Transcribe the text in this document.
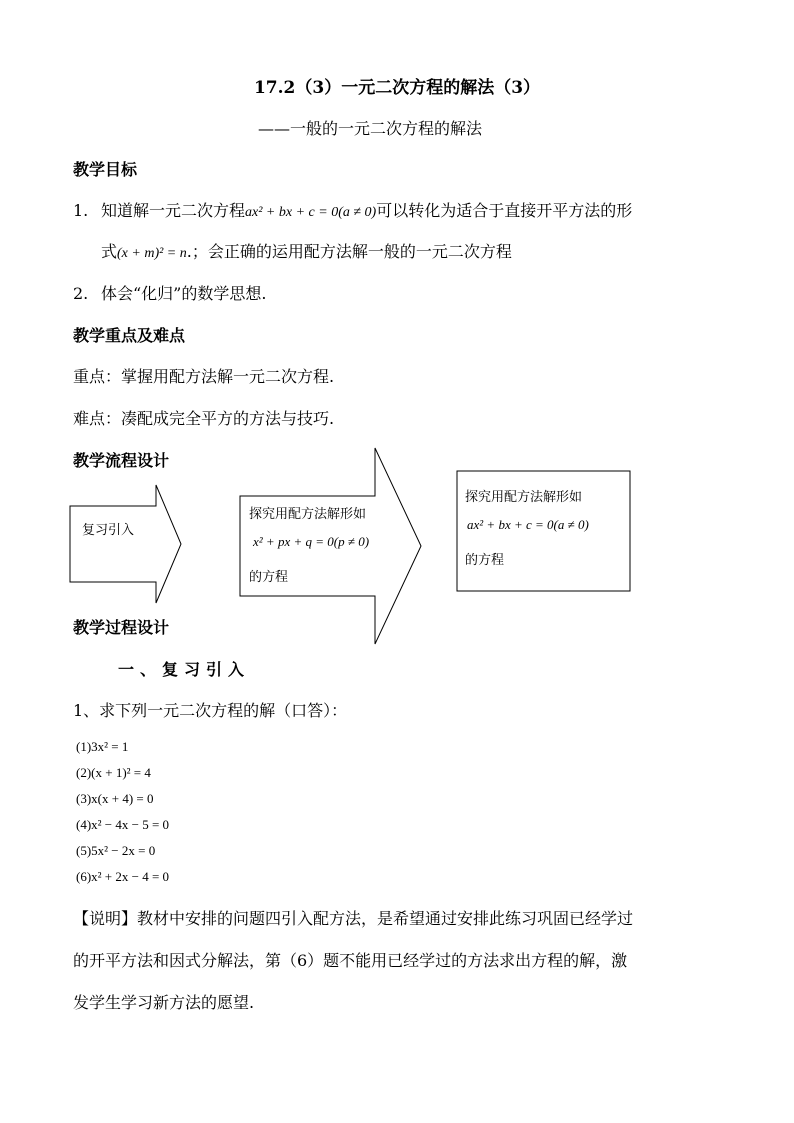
17.2（3）一元二次方程的解法（3）
——一般的一元二次方程的解法
教学目标
1. 知道解一元二次方程ax² + bx + c = 0(a ≠ 0)可以转化为适合于直接开平方法的形
式(x + m)² = n.；会正确的运用配方法解一般的一元二次方程
2. 体会“化归”的数学思想.
教学重点及难点
重点：掌握用配方法解一元二次方程.
难点：凑配成完全平方的方法与技巧.
教学流程设计
复习引入
探究用配方法解形如
x² + px + q = 0(p ≠ 0)
的方程
探究用配方法解形如
ax² + bx + c = 0(a ≠ 0)
的方程
教学过程设计
一、复习引入
1、求下列一元二次方程的解（口答）：
(1)3x² = 1
(2)(x + 1)² = 4
(3)x(x + 4) = 0
(4)x² − 4x − 5 = 0
(5)5x² − 2x = 0
(6)x² + 2x − 4 = 0
【说明】教材中安排的问题四引入配方法，是希望通过安排此练习巩固已经学过
的开平方法和因式分解法，第（6）题不能用已经学过的方法求出方程的解，激
发学生学习新方法的愿望.
